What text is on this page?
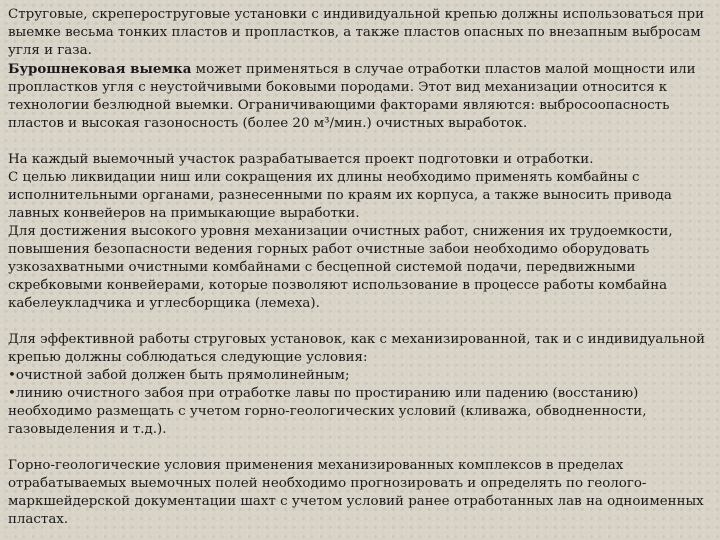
Струговые, скрепероструговые установки с индивидуальной крепью должны использоваться при выемке весьма тонких пластов и пропластков, а также пластов опасных по внезапным выбросам угля и газа.

Бурошнековая выемка может применяться в случае отработки пластов малой мощности или пропластков угля с неустойчивыми боковыми породами. Этот вид механизации относится к технологии безлюдной выемки. Ограничивающими факторами являются: выбросоопасность пластов и высокая газоносность (более 20 м³/мин.) очистных выработок.

На каждый выемочный участок разрабатывается проект подготовки и отработки.

С целью ликвидации ниш или сокращения их длины необходимо применять комбайны с исполнительными органами, разнесенными по краям их корпуса, а также выносить привода лавных конвейеров на примыкающие выработки.

Для достижения высокого уровня механизации очистных работ, снижения их трудоемкости, повышения безопасности ведения горных работ очистные забои необходимо оборудовать узкозахватными очистными комбайнами с бесцепной системой подачи, передвижными скребковыми конвейерами, которые позволяют использование в процессе работы комбайна кабелеукладчика и углесборщика (лемеха).

Для эффективной работы струговых установок, как с механизированной, так и с индивидуальной крепью должны соблюдаться следующие условия:

•очистной забой должен быть прямолинейным;

•линию очистного забоя при отработке лавы по простиранию или падению (восстанию) необходимо размещать с учетом горно-геологических условий (кливажа, обводненности, газовыделения и т.д.).

Горно-геологические условия применения механизированных комплексов в пределах отрабатываемых выемочных полей необходимо прогнозировать и определять по геолого-маркшейдерской документации шахт с учетом условий ранее отработанных лав на одноименных пластах.
